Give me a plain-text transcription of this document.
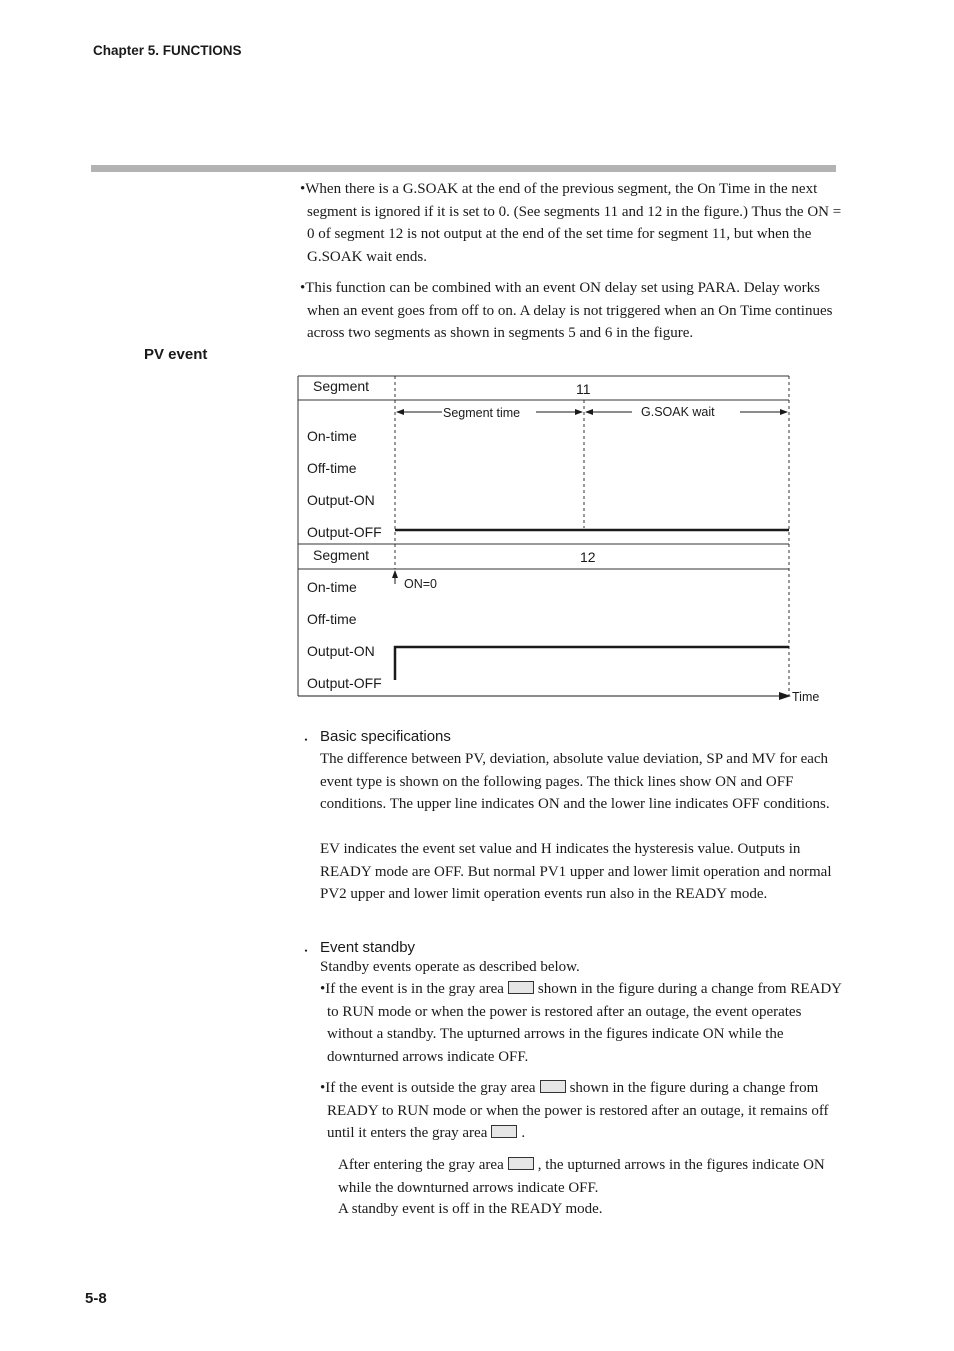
Chapter 5. FUNCTIONS
•When there is a G.SOAK at the end of the previous segment, the On Time in the next segment is ignored if it is set to 0. (See segments 11 and 12 in the figure.) Thus the ON = 0 of segment 12 is not output at the end of the set time for segment 11, but when the G.SOAK wait ends.
•This function can be combined with an event ON delay set using PARA. Delay works when an event goes from off to on. A delay is not triggered when an On Time continues across two segments as shown in segments 5 and 6 in the figure.
PV event
Segment	11
Segment time	G.SOAK wait
On-time
Off-time
Output-ON
Output-OFF
Segment	12
ON=0
On-time
Off-time
Output-ON
Output-OFF
Time
・ Basic specifications
The difference between PV, deviation, absolute value deviation, SP and MV for each event type is shown on the following pages. The thick lines show ON and OFF conditions. The upper line indicates ON and the lower line indicates OFF conditions.
EV indicates the event set value and H indicates the hysteresis value. Outputs in READY mode are OFF. But normal PV1 upper and lower limit operation and normal PV2 upper and lower limit operation events run also in the READY mode.
・ Event standby
Standby events operate as described below.
•If the event is in the gray area shown in the figure during a change from READY to RUN mode or when the power is restored after an outage, the event operates without a standby. The upturned arrows in the figures indicate ON while the downturned arrows indicate OFF.
•If the event is outside the gray area shown in the figure during a change from READY to RUN mode or when the power is restored after an outage, it remains off until it enters the gray area .
After entering the gray area , the upturned arrows in the figures indicate ON while the downturned arrows indicate OFF.
A standby event is off in the READY mode.
5-8
